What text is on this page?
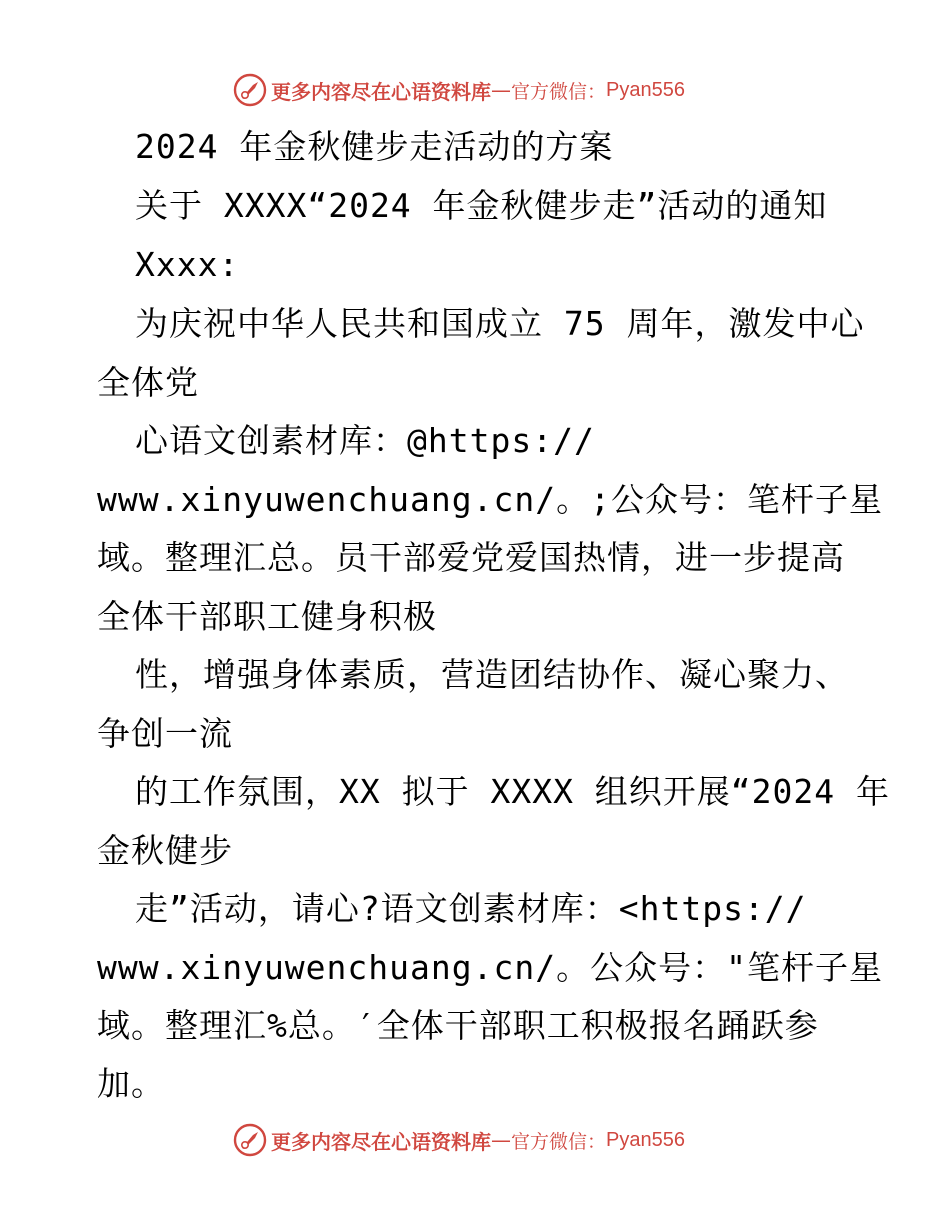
更多内容尽在心语资料库 — 官方微信： Pyan556
2024 年金秋健步走活动的方案
关于 XXXX“2024 年金秋健步走”活动的通知
Xxxx:
为庆祝中华人民共和国成立 75 周年，激发中心
全体党
心语文创素材库：@https://
www.xinyuwenchuang.cn/。;公众号：笔杆子星
域。整理汇总。员干部爱党爱国热情，进一步提高
全体干部职工健身积极
性，增强身体素质，营造团结协作、凝心聚力、
争创一流
的工作氛围，XX 拟于 XXXX 组织开展“2024 年
金秋健步
走”活动，请心?语文创素材库：<https://
www.xinyuwenchuang.cn/。公众号："笔杆子星
域。整理汇%总。′全体干部职工积极报名踊跃参
加。
更多内容尽在心语资料库 — 官方微信： Pyan556
